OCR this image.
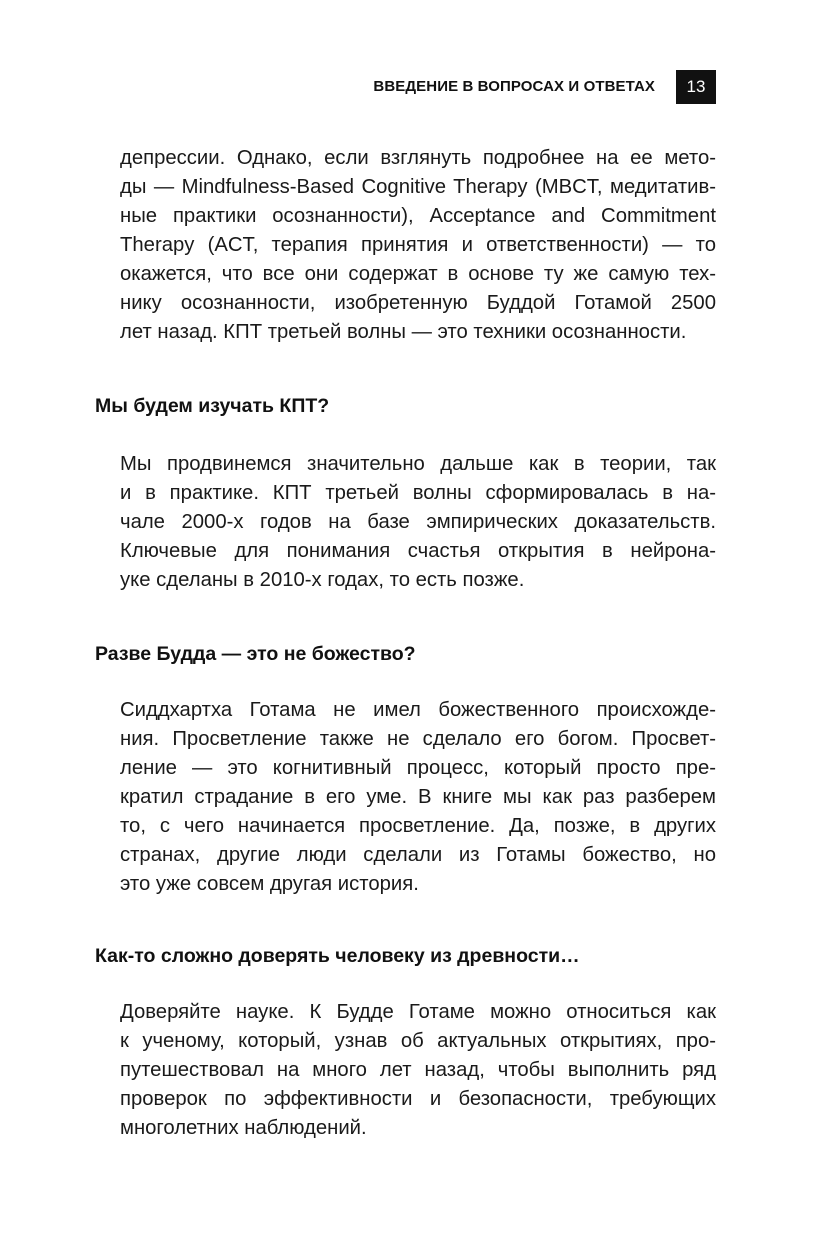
ВВЕДЕНИЕ В ВОПРОСАХ И ОТВЕТАХ	13

депрессии. Однако, если взглянуть подробнее на ее мето-
ды — Mindfulness-Based Cognitive Therapy (MBCT, медитатив-
ные практики осознанности), Acceptance and Commitment
Therapy (ACT, терапия принятия и ответственности) — то
окажется, что все они содержат в основе ту же самую тех-
нику осознанности, изобретенную Буддой Готамой 2500
лет назад. КПТ третьей волны — это техники осознанности.

Мы будем изучать КПТ?

Мы продвинемся значительно дальше как в теории, так
и в практике. КПТ третьей волны сформировалась в на-
чале 2000-х годов на базе эмпирических доказательств.
Ключевые для понимания счастья открытия в нейрона-
уке сделаны в 2010-х годах, то есть позже.

Разве Будда — это не божество?

Сиддхартха Готама не имел божественного происхожде-
ния. Просветление также не сделало его богом. Просвет-
ление — это когнитивный процесс, который просто пре-
кратил страдание в его уме. В книге мы как раз разберем
то, с чего начинается просветление. Да, позже, в других
странах, другие люди сделали из Готамы божество, но
это уже совсем другая история.

Как-то сложно доверять человеку из древности…

Доверяйте науке. К Будде Готаме можно относиться как
к ученому, который, узнав об актуальных открытиях, про-
путешествовал на много лет назад, чтобы выполнить ряд
проверок по эффективности и безопасности, требующих
многолетних наблюдений.
